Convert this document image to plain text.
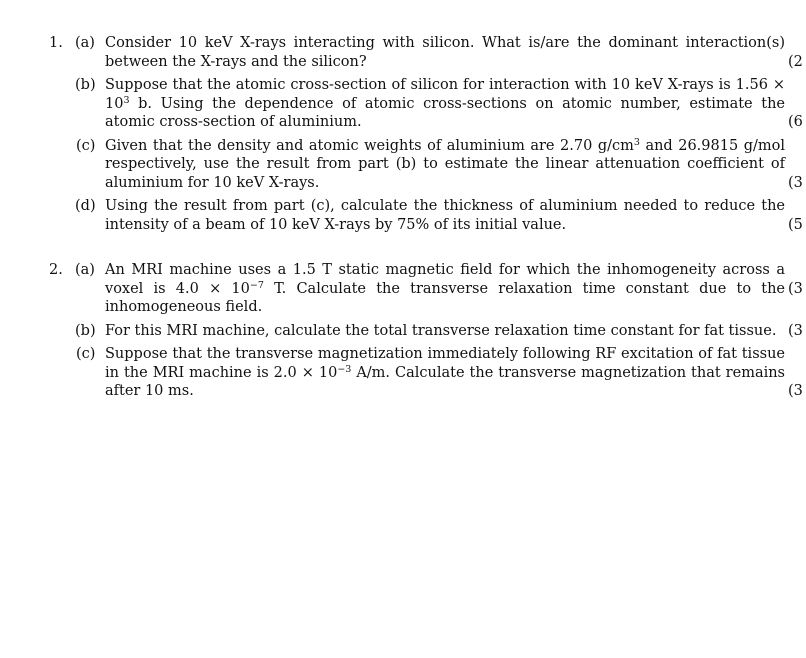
1. (a) Consider 10 keV X-rays interacting with silicon. What is/are the dominant interaction(s) between the X-rays and the silicon?	(2
(b) Suppose that the atomic cross-section of silicon for interaction with 10 keV X-rays is $1.56 \times 10^3$ b. Using the dependence of atomic cross-sections on atomic number, estimate the atomic cross-section of aluminium.	(6
(c) Given that the density and atomic weights of aluminium are 2.70 $g/cm^3$ and 26.9815 g/mol respectively, use the result from part (b) to estimate the linear attenuation coefficient of aluminium for 10 keV X-rays.	(3
(d) Using the result from part (c), calculate the thickness of aluminium needed to reduce the intensity of a beam of 10 keV X-rays by 75% of its initial value.	(5
2. (a) An MRI machine uses a 1.5 T static magnetic field for which the inhomogeneity across a voxel is $4.0 \times 10^{-7}$ T. Calculate the transverse relaxation time constant due to the inhomogeneous field.
(3
(b) For this MRI machine, calculate the total transverse relaxation time constant for fat tissue. (3
(c) Suppose that the transverse magnetization immediately following RF excitation of fat tissue in the MRI machine is $2.0 \times 10^{-3}$ A/m. Calculate the transverse magnetization that remains after 10 ms.	(3
